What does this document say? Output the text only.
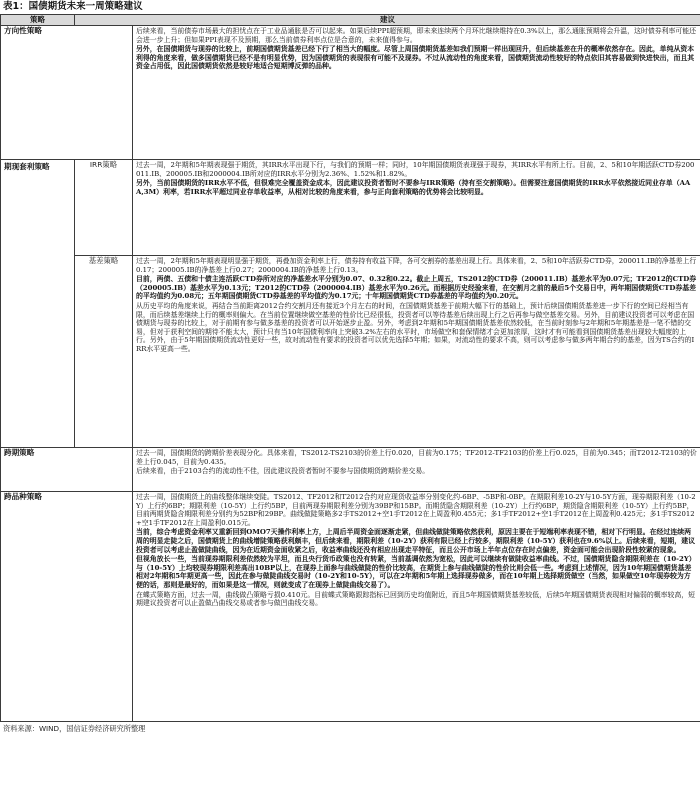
表1：国债期货未来一周策略建议
策略	建议	
方向性策略		后续来看，当前债券市场最大的担忧点在于工业品通胀是否可以起来。如果后续PPI超预期，即未来连续两个月环比继续维持在0.3%以上，那么通胀预期将会升温，这时债券利率可能还会进一步上升；但如果PPI表现不及预期，那么当前债券利率点位是合意的，未来值得参与。

另外，在国债期货与现券的比较上，前期国债期货基差已经下行了相当大的幅度。尽管上周国债期货基差如我们预期一样出现回升，但后续基差在升的概率依然存在。因此，单纯从资本利得的角度来看，做多国债期货已经不是有明显优势，因为国债期货的表现很有可能不及现券。不过从流动性的角度来看，国债期货流动性较好的特点依旧其容易做到快进快出，而且其资金占用低，因此国债期货依然是较好地适合短期博反弹的品种。

期现套利策略	IRR策略	过去一周，2年期和5年期表现强于期货，其IRR水平出现下行，与我们的预期一样；同时，10年期国债期货表现强于现券，其IRR水平有所上行。目前，2、5和10年期活跃CTD券200011.IB、200005.IB和2000004.IB所对应的IRR水平分别为2.36%、1.52%和1.82%。

另外，当前国债期货的IRR水平不低，但很难完全覆盖资金成本，因此建议投资者暂时不要参与IRR策略（持有至交割策略）。但需要注意国债期货的IRR水平依然接近同业存单（AAA,3M）利率，若IRR水平超过同业存单收益率，从相对比较的角度来看，参与正向套利策略的优势将会比较明显。

	基差策略	过去一周，2年期和5年期表现明显强于期货，再叠加资金利率上行，债券持有收益下降，各可交割券的基差出现上行。具体来看，2、5和10年活跃券CTD券，200011.IB的净基差上行0.17；200005.IB的净基差上行0.27；2000004.IB的净基差上行0.13。

目前，两债、五债和十债主连活跃CTD券所对应的净基差水平分别为0.07、0.32和0.22。截止上周五，TS2012的CTD券（200011.IB）基差水平为0.07元；TF2012的CTD券（200005.IB）基差水平为0.13元；T2012的CTD券（2000004.IB）基差水平为0.26元。而根据历史经验来看，在交割月之前的最后5个交易日中，两年期国债期货CTD券基差的平均值约为0.08元；五年期国债期货CTD券基差的平均值约为0.17元；十年期国债期货CTD券基差的平均值约为0.20元。

从历史平均的角度来说，再结合当前距离2012合约交割月还有接近3个月左右的时间，在国债期货基差于前期大幅下行的基础上，预计后续国债期货基差进一步下行的空间已经相当有限，而后续基差继续上行的概率则偏大。在当前位置继续做空基差的性价比已经很低，投资者可以等待基差后续出现上行之后再参与做空基差交易。另外，目前建议投资者可以考虑在国债期货与现券的比较上，对于前期有参与做多基差的投资者可以开始逐步止盈。另外，考虑到2年期和5年期国债期货基差依然较低，在当前时刻参与2年期和5年期基差是一笔不错的交易，但对于获利空间的期待不能太大，预计只有当10年国债利率向上突破3.2%左右的水平时，市场做空和套保情绪才会更加浓厚，这时才有可能看到国债期货基差出现较大幅度的上行。另外，由于5年期国债期货流动性更好一些，故对流动性有要求的投资者可以优先选择5年期；如果，对流动性的要求不高，则可以考虑参与做多两年期合约的基差，因为TS合约的IRR水平更高一些。

跨期策略		过去一周，国债期货的跨期价差表现分化。具体来看，TS2012-TS2103的价差上行0.020，目前为0.175；TF2012-TF2103的价差上行0.025，目前为0.345；而T2012-T2103的价差上行0.045，目前为0.435。

后续来看，由于2103合约的流动性不佳，因此建议投资者暂时不要参与国债期货跨期价差交易。

跨品种策略		过去一周，国债期货上的曲线整体继续变陡。TS2012、TF2012和T2012合约对应现货收益率分别变化约-6BP、-5BP和-0BP。在期限利差10-2Y与10-5Y方面，现券期限利差（10-2Y）上行约6BP；期限利差（10-5Y）上行约5BP，目前两现券期限利差分别为39BP和15BP。而期货隐含期限利差（10-2Y）上行约6BP，期货隐含期限利差（10-5Y）上行约5BP，目前两期货隐含期限利差分别约为52BP和29BP。曲线做陡策略多2手TS2012+空1手T2012在上周盈利0.455元；多1手TF2012+空1手T2012在上周盈利0.425元；多1手TS2012+空1手TF2012在上周盈利0.015元。

当前，综合考虑资金利率又重新回到OMO7天操作利率上方，上周后半周资金面逐渐走紧，但曲线做陡策略依然获利，原因主要在于短端利率表现不错，相对下行明显。在经过连续两周的明显走陡之后，国债期货上的曲线增陡策略获利颇丰，但后续来看，期限利差（10-2Y）获利有限已经上行较多，期限利差（10-5Y）获利也在9.6%以上。后续来看，短期，建议投资者可以考虑止盈做陡曲线，因为在近期资金面收紧之后，收益率曲线还没有相应出现走平特征，而且公开市场上半年点位存在时点偏差，资金面可能会出现阶段性较紧的现象。

但视角放长一些，当前现券期限利差依然较为平坦，而且央行货币政策也没有转紧，当前基调依然为宽松，因此可以继续有做陡收益率曲线。不过，国债期货隐含期限利差在（10-2Y）与（10-5Y）上均较现券期限利差高出10BP以上，在现券上面参与曲线做陡的性价比较高，在期货上参与曲线做陡的性价比则会低一些。考虑到上述情况，因为10年期国债期货基差相对2年期和5年期更高一些，因此在参与做陡曲线交易时（10-2Y和10-5Y），可以在2年期和5年期上选择现券做多，而在10年期上选择期货做空（当然，如果做空10年现券较为方便的话，那则是最好的，而如果是这一情况，则就变成了在现券上做陡曲线交易了）。

在蝶式策略方面，过去一周，曲线做凸策略亏损0.410元。目前蝶式策略跟踪指标已回到历史均值附近，而且5年期国债期货基差较低，后续5年期国债期货表现相对偏弱的概率较高，短期建议投资者可以止盈做凸曲线交易或者参与做凹曲线交易。

资料来源：WIND，国信证券经济研究所整理
